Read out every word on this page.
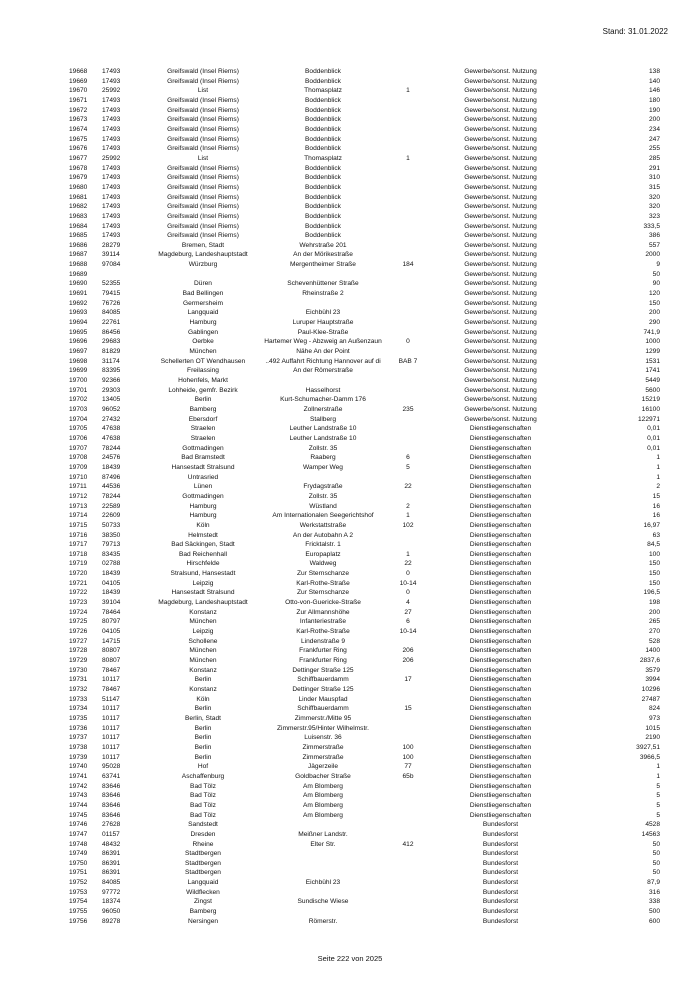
Stand: 31.01.2022
19668	17493	Greifswald (Insel Riems)	Boddenblick		Gewerbe/sonst. Nutzung	138
19669	17493	Greifswald (Insel Riems)	Boddenblick		Gewerbe/sonst. Nutzung	140
19670	25992	List	Thomasplatz	1	Gewerbe/sonst. Nutzung	146
19671	17493	Greifswald (Insel Riems)	Boddenblick		Gewerbe/sonst. Nutzung	180
19672	17493	Greifswald (Insel Riems)	Boddenblick		Gewerbe/sonst. Nutzung	190
19673	17493	Greifswald (Insel Riems)	Boddenblick		Gewerbe/sonst. Nutzung	200
19674	17493	Greifswald (Insel Riems)	Boddenblick		Gewerbe/sonst. Nutzung	234
19675	17493	Greifswald (Insel Riems)	Boddenblick		Gewerbe/sonst. Nutzung	247
19676	17493	Greifswald (Insel Riems)	Boddenblick		Gewerbe/sonst. Nutzung	255
19677	25992	List	Thomasplatz	1	Gewerbe/sonst. Nutzung	285
19678	17493	Greifswald (Insel Riems)	Boddenblick		Gewerbe/sonst. Nutzung	291
19679	17493	Greifswald (Insel Riems)	Boddenblick		Gewerbe/sonst. Nutzung	310
19680	17493	Greifswald (Insel Riems)	Boddenblick		Gewerbe/sonst. Nutzung	315
19681	17493	Greifswald (Insel Riems)	Boddenblick		Gewerbe/sonst. Nutzung	320
19682	17493	Greifswald (Insel Riems)	Boddenblick		Gewerbe/sonst. Nutzung	320
19683	17493	Greifswald (Insel Riems)	Boddenblick		Gewerbe/sonst. Nutzung	323
19684	17493	Greifswald (Insel Riems)	Boddenblick		Gewerbe/sonst. Nutzung	333,5
19685	17493	Greifswald (Insel Riems)	Boddenblick		Gewerbe/sonst. Nutzung	386
19686	28279	Bremen, Stadt	Wehrstraße 201		Gewerbe/sonst. Nutzung	557
19687	39114	Magdeburg, Landeshauptstadt	An der Mörikestraße		Gewerbe/sonst. Nutzung	2000
19688	97084	Würzburg	Mergentheimer Straße	184	Gewerbe/sonst. Nutzung	9
19689					Gewerbe/sonst. Nutzung	50
19690	52355	Düren	Schevenhüttener Straße		Gewerbe/sonst. Nutzung	90
19691	79415	Bad Bellingen	Rheinstraße 2		Gewerbe/sonst. Nutzung	120
19692	76726	Germersheim			Gewerbe/sonst. Nutzung	150
19693	84085	Langquaid	Eichbühl 23		Gewerbe/sonst. Nutzung	200
19694	22761	Hamburg	Luruper Hauptstraße		Gewerbe/sonst. Nutzung	290
19695	86456	Gablingen	Paul-Klee-Straße		Gewerbe/sonst. Nutzung	741,9
19696	29683	Oerbke	Hartemer Weg - Abzweig an Außenzaun	0	Gewerbe/sonst. Nutzung	1000
19697	81829	München	Nähe An der Point		Gewerbe/sonst. Nutzung	1299
19698	31174	Schellerten OT Wendhausen	..492 Auffahrt Richtung Hannover auf di	BAB 7	Gewerbe/sonst. Nutzung	1531
19699	83395	Freilassing	An der Römerstraße		Gewerbe/sonst. Nutzung	1741
19700	92366	Hohenfels, Markt			Gewerbe/sonst. Nutzung	5449
19701	29303	Lohheide, gemfr. Bezirk	Hasselhorst		Gewerbe/sonst. Nutzung	5600
19702	13405	Berlin	Kurt-Schumacher-Damm 176		Gewerbe/sonst. Nutzung	15219
19703	96052	Bamberg	Zollnerstraße	235	Gewerbe/sonst. Nutzung	16100
19704	27432	Ebersdorf	Stallberg		Gewerbe/sonst. Nutzung	122971
19705	47638	Straelen	Leuther Landstraße 10		Dienstliegenschaften	0,01
19706	47638	Straelen	Leuther Landstraße 10		Dienstliegenschaften	0,01
19707	78244	Gottmadingen	Zollstr. 35		Dienstliegenschaften	0,01
19708	24576	Bad Bramstedt	Raaberg	6	Dienstliegenschaften	1
19709	18439	Hansestadt Stralsund	Wamper Weg	5	Dienstliegenschaften	1
19710	87496	Untrasried			Dienstliegenschaften	1
19711	44536	Lünen	Frydagstraße	22	Dienstliegenschaften	2
19712	78244	Gottmadingen	Zollstr. 35		Dienstliegenschaften	15
19713	22589	Hamburg	Wüstland	2	Dienstliegenschaften	16
19714	22609	Hamburg	Am Internationalen Seegerichtshof	1	Dienstliegenschaften	16
19715	50733	Köln	Werkstattstraße	102	Dienstliegenschaften	16,97
19716	38350	Helmstedt	An der Autobahn A 2		Dienstliegenschaften	63
19717	79713	Bad Säckingen, Stadt	Fricktalstr. 1		Dienstliegenschaften	84,5
19718	83435	Bad Reichenhall	Europaplatz	1	Dienstliegenschaften	100
19719	02788	Hirschfelde	Waldweg	22	Dienstliegenschaften	150
19720	18439	Stralsund, Hansestadt	Zur Sternschanze	0	Dienstliegenschaften	150
19721	04105	Leipzig	Karl-Rothe-Straße	10-14	Dienstliegenschaften	150
19722	18439	Hansestadt Stralsund	Zur Sternschanze	0	Dienstliegenschaften	196,5
19723	39104	Magdeburg, Landeshauptstadt	Otto-von-Guericke-Straße	4	Dienstliegenschaften	198
19724	78464	Konstanz	Zur Allmannshöhe	27	Dienstliegenschaften	200
19725	80797	München	Infanteriestraße	6	Dienstliegenschaften	265
19726	04105	Leipzig	Karl-Rothe-Straße	10-14	Dienstliegenschaften	270
19727	14715	Schollene	Lindenstraße 9		Dienstliegenschaften	528
19728	80807	München	Frankfurter Ring	206	Dienstliegenschaften	1400
19729	80807	München	Frankfurter Ring	206	Dienstliegenschaften	2837,6
19730	78467	Konstanz	Dettinger Straße 125		Dienstliegenschaften	3579
19731	10117	Berlin	Schiffbauerdamm	17	Dienstliegenschaften	3994
19732	78467	Konstanz	Dettinger Straße 125		Dienstliegenschaften	10296
19733	51147	Köln	Linder Mauspfad		Dienstliegenschaften	27487
19734	10117	Berlin	Schiffbauerdamm	15	Dienstliegenschaften	824
19735	10117	Berlin, Stadt	Zimmerstr./Mitte 95		Dienstliegenschaften	973
19736	10117	Berlin	Zimmerstr.95/Hinter Wilhelmstr.		Dienstliegenschaften	1015
19737	10117	Berlin	Luisenstr. 36		Dienstliegenschaften	2190
19738	10117	Berlin	Zimmerstraße	100	Dienstliegenschaften	3927,51
19739	10117	Berlin	Zimmerstraße	100	Dienstliegenschaften	3966,5
19740	95028	Hof	Jägerzeile	77	Dienstliegenschaften	1
19741	63741	Aschaffenburg	Goldbacher Straße	65b	Dienstliegenschaften	1
19742	83646	Bad Tölz	Am Blomberg		Dienstliegenschaften	5
19743	83646	Bad Tölz	Am Blomberg		Dienstliegenschaften	5
19744	83646	Bad Tölz	Am Blomberg		Dienstliegenschaften	5
19745	83646	Bad Tölz	Am Blomberg		Dienstliegenschaften	5
19746	27628	Sandstedt			Bundesforst	4528
19747	01157	Dresden	Meißner Landstr.		Bundesforst	14563
19748	48432	Rheine	Elter Str.	412	Bundesforst	50
19749	86391	Stadtbergen			Bundesforst	50
19750	86391	Stadtbergen			Bundesforst	50
19751	86391	Stadtbergen			Bundesforst	50
19752	84085	Langquaid	Eichbühl 23		Bundesforst	87,9
19753	97772	Wildflecken			Bundesforst	316
19754	18374	Zingst	Sundische Wiese		Bundesforst	338
19755	96050	Bamberg			Bundesforst	500
19756	89278	Nersingen	Römerstr.		Bundesforst	600
Seite 222 von 2025
